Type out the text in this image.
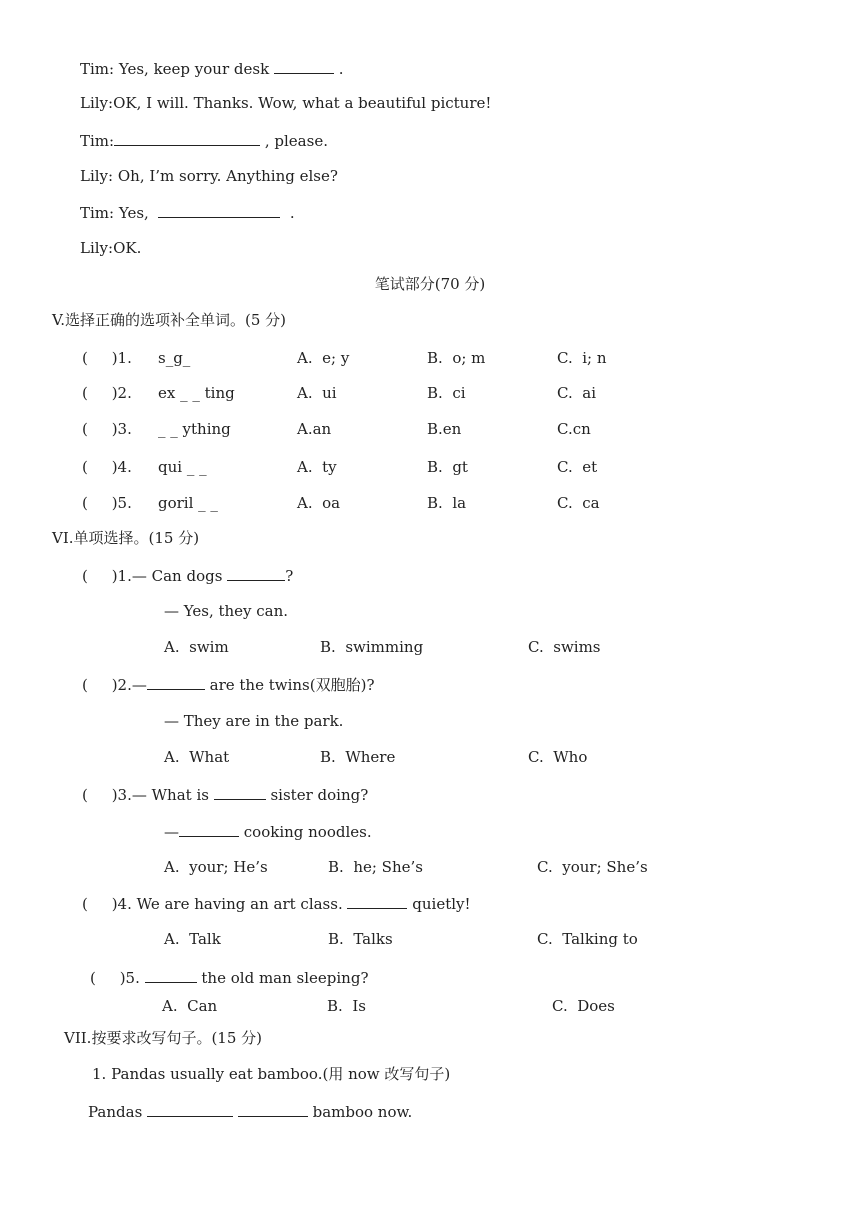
Tim: Yes, keep your desk	.
Lily:OK, I will. Thanks. Wow, what a beautiful picture!
Tim:	, please.
Lily: Oh, I’m sorry. Anything else?
Tim: Yes,	.
Lily:OK.
笔试部分(70 分)
V.选择正确的选项补全单词。(5 分)
(     )1. s_g_	A.  e; y	B.  o; m	C.  i; n
(     )2. ex _ _ ting	A.  ui	B.  ci	C.  ai
(     )3. _ _ ything	A.an	B.en	C.cn
(     )4. qui _ _	A.  ty	B.  gt	C.  et
(     )5. goril _ _	A.  oa	B.  la	C.  ca
VI.单项选择。(15 分)
(     )1.— Can dogs	?
— Yes, they can.
A.  swim	B.  swimming	C.  swims
(     )2.—	are the twins(双胞胎)?
— They are in the park.
A.  What	B.  Where	C.  Who
(     )3.— What is	sister doing?
—	cooking noodles.
A.  your; He’s	B.  he; She’s	C.  your; She’s
(     )4. We are having an art class.	quietly!
A.  Talk	B.  Talks	C.  Talking to
(     )5.	the old man sleeping?
A.  Can	B.  Is	C.  Does
VII.按要求改写句子。(15 分)
1. Pandas usually eat bamboo.(用 now 改写句子)
Pandas	bamboo now.
